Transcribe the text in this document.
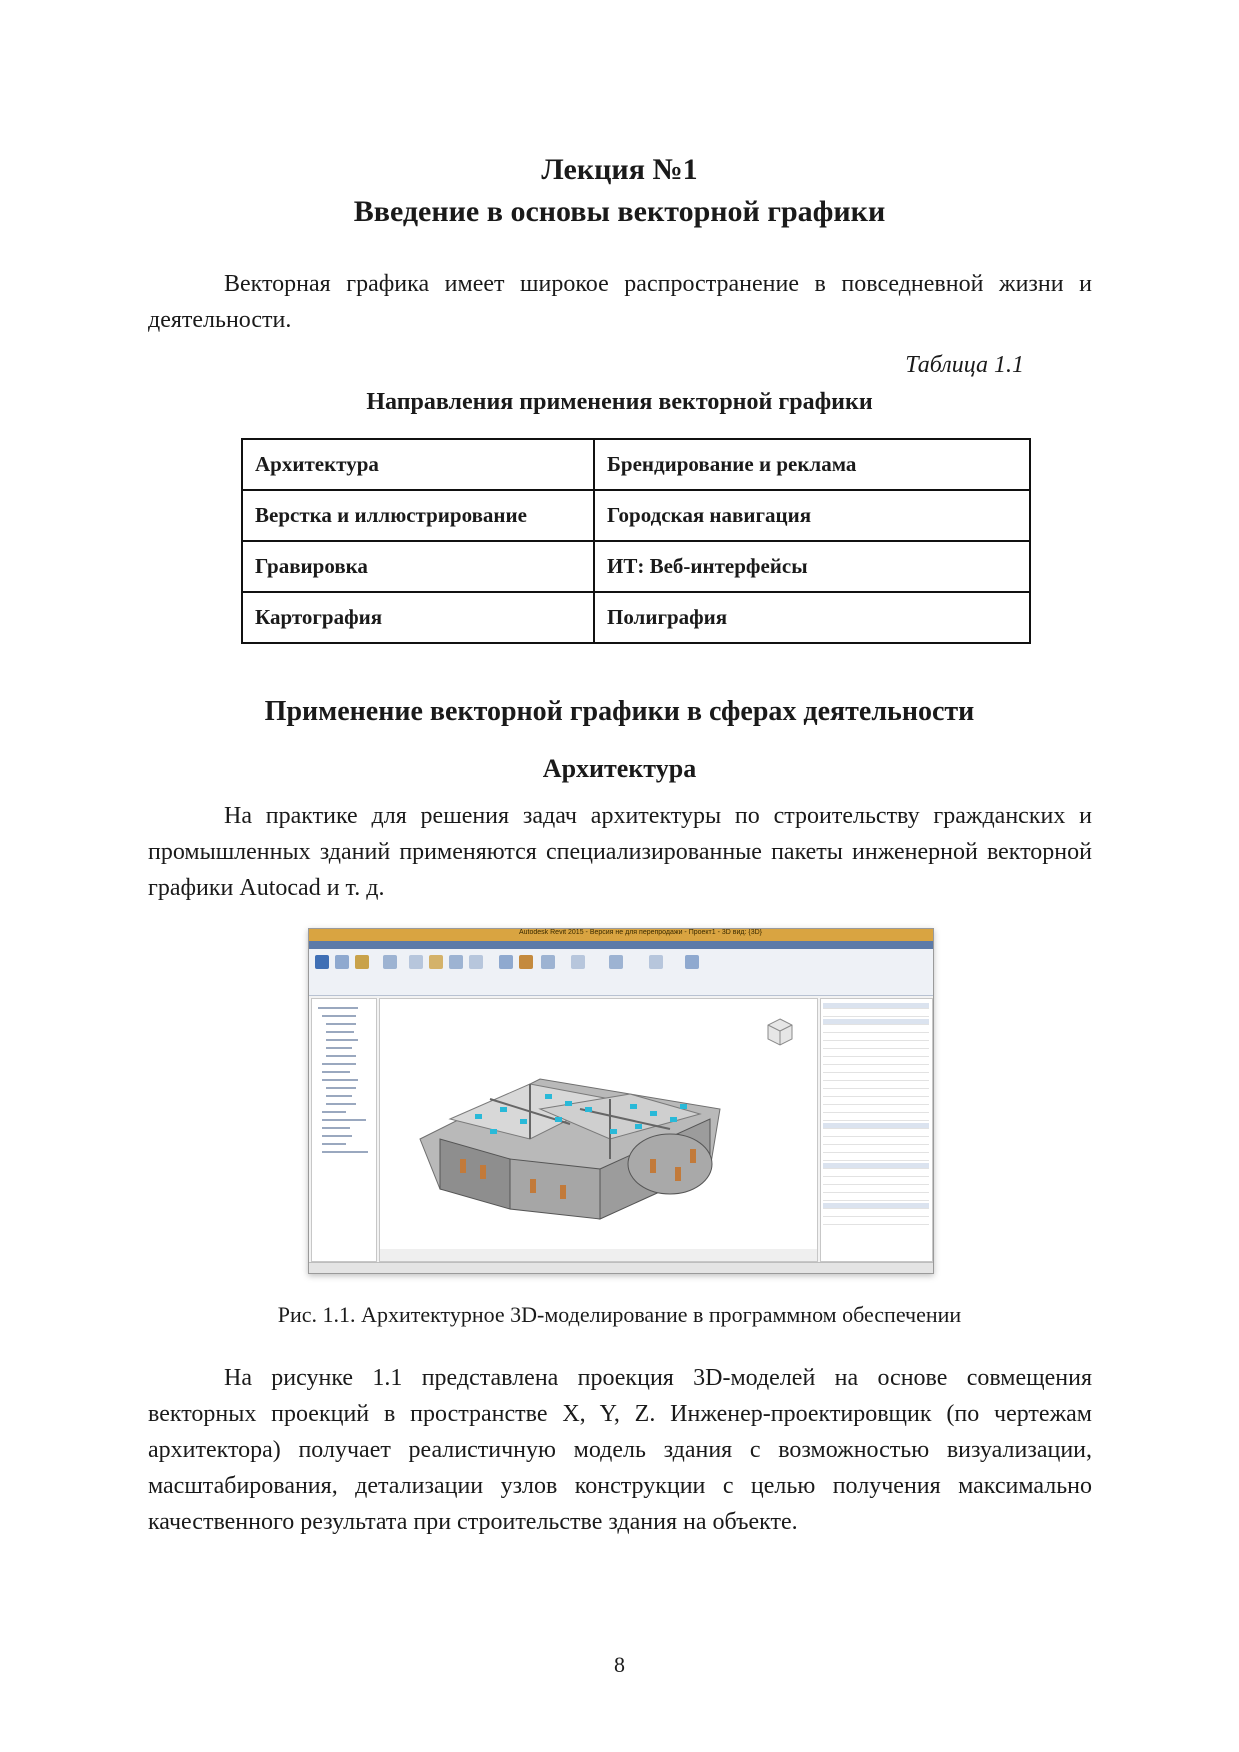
Лекция №1
Введение в основы векторной графики
Векторная графика имеет широкое распространение в повседневной жизни и деятельности.
Таблица 1.1
Направления применения векторной графики
Архитектура	Брендирование и реклама
Верстка и иллюстрирование	Городская навигация
Гравировка	ИТ: Веб-интерфейсы
Картография	Полиграфия
Применение векторной графики в сферах деятельности
Архитектура
На практике для решения задач архитектуры по строительству гражданских и промышленных зданий применяются специализированные пакеты инженерной векторной графики Autocad и т. д.
Autodesk Revit 2015 - Версия не для перепродажи - Проект1 - 3D вид: {3D}
Рис. 1.1. Архитектурное 3D-моделирование в программном обеспечении
На рисунке 1.1 представлена проекция 3D-моделей на основе совмещения векторных проекций в пространстве X, Y, Z. Инженер-проектировщик (по чертежам архитектора) получает реалистичную модель здания с возможностью визуализации, масштабирования, детализации узлов конструкции с целью получения максимально качественного результата при строительстве здания на объекте.
8
